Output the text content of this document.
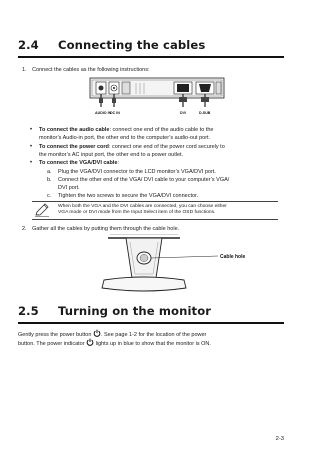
2.4 Connecting the cables
1. Connect the cables as the following instructions:
AUDIO IN
DC IN	DVI	D-SUB
• To connect the audio cable: connect one end of the audio cable to the
monitor’s Audio-in port, the other end to the computer’s audio-out port.
• To connect the power cord: connect one end of the power cord securely to
the monitor’s AC input port, the other end to a power outlet.
• To connect the VGA/DVI cable:
a. Plug the VGA/DVI connector to the LCD monitor’s VGA/DVI port.
b. Connect the other end of the VGA/ DVI cable to your computer’s VGA/
DVI port.
c. Tighten the two screws to secure the VGA/DVI connector.
When both the VGA and the DVI cables are connected, you can choose either
VGA mode or DVI mode from the Input Select item of the OSD functions.
2. Gather all the cables by putting them through the cable hole.
Cable hole
2.5 Turning on the monitor
Gently press the power button . See page 1-2 for the location of the power
button. The power indicator lights up in blue to show that the monitor is ON.
2-3
